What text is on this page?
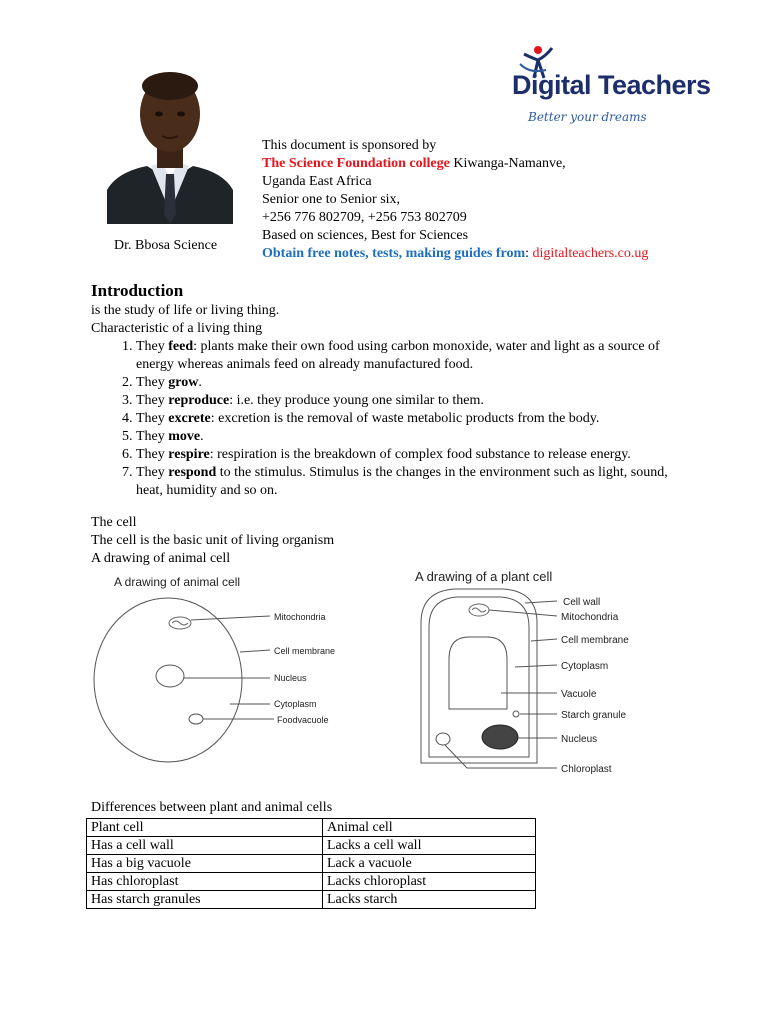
Dr. Bbosa Science
Digital Teachers
Better your dreams
This document is sponsored by
The Science Foundation college Kiwanga-Namanve,
Uganda East Africa
Senior one to Senior six,
+256 776 802709, +256 753 802709
Based on sciences, Best for Sciences
Obtain free notes, tests, making guides from: digitalteachers.co.ug
Introduction

is the study of life or living thing.

Characteristic of a living thing

1. They feed: plants make their own food using carbon monoxide, water and light as a source of energy whereas animals feed on already manufactured food.
2. They grow.
3. They reproduce: i.e. they produce young one similar to them.
4. They excrete: excretion is the removal of waste metabolic products from the body.
5. They move.
6. They respire: respiration is the breakdown of complex food substance to release energy.
7. They respond to the stimulus. Stimulus is the changes in the environment such as light, sound, heat, humidity and so on.
The cell
The cell is the basic unit of living organism
A drawing of animal cell
A drawing of animal cell
Mitochondria
Cell membrane
Nucleus
Cytoplasm
Foodvacuole
A drawing of a plant cell
Cell wall
Mitochondria
Cell membrane
Cytoplasm
Vacuole
Starch granule
Nucleus
Chloroplast
Differences between plant and animal cells
Plant cell	Animal cell
Has a cell wall	Lacks a cell wall
Has a big vacuole	Lack a vacuole
Has chloroplast	Lacks chloroplast
Has starch granules	Lacks starch
